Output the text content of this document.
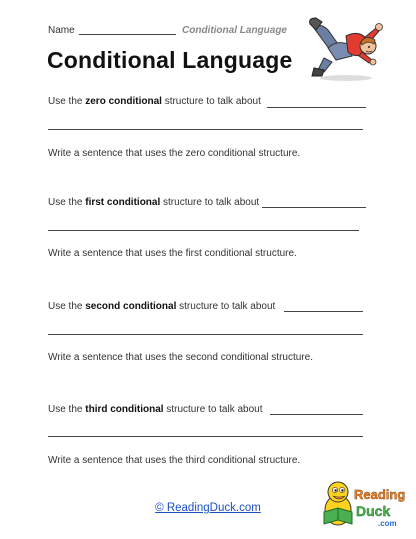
Name	Conditional Language
Conditional Language
Use the zero conditional structure to talk about
Write a sentence that uses the zero conditional structure.
Use the first conditional structure to talk about
Write a sentence that uses the first conditional structure.
Use the second conditional structure to talk about
Write a sentence that uses the second conditional structure.
Use the third conditional structure to talk about
Write a sentence that uses the third conditional structure.
© ReadingDuck.com
Reading
Duck
.com
